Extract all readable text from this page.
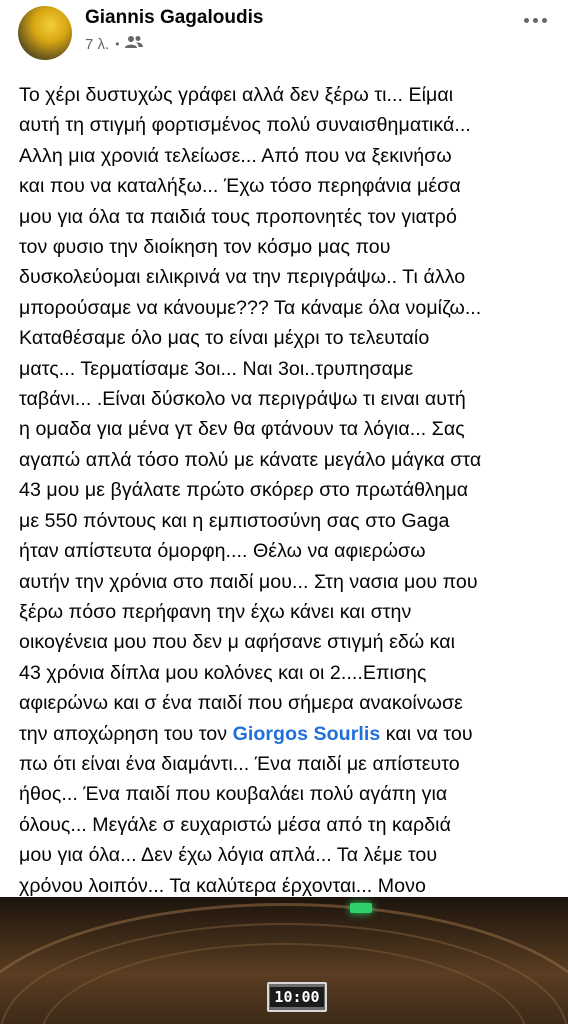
Giannis Gagaloudis
7 λ. •
Το χέρι δυστυχώς γράφει αλλά δεν ξέρω τι... Είμαι
αυτή τη στιγμή φορτισμένος πολύ συναισθηματικά...
Αλλη μια χρονιά τελείωσε... Από που να ξεκινήσω
και που να καταλήξω... Έχω τόσο περηφάνια μέσα
μου για όλα τα παιδιά τους προπονητές τον γιατρό
τον φυσιο την διοίκηση τον κόσμο μας που
δυσκολεύομαι ειλικρινά να την περιγράψω.. Τι άλλο
μπορούσαμε να κάνουμε??? Τα κάναμε όλα νομίζω...
Καταθέσαμε όλο μας το είναι μέχρι το τελευταίο
ματς... Τερματίσαμε 3οι... Ναι 3οι..τρυπησαμε
ταβάνι... .Είναι δύσκολο να περιγράψω τι ειναι αυτή
η ομαδα για μένα γτ δεν θα φτάνουν τα λόγια... Σας
αγαπώ απλά τόσο πολύ με κάνατε μεγάλο μάγκα στα
43 μου με βγάλατε πρώτο σκόρερ στο πρωτάθλημα
με 550 πόντους και η εμπιστοσύνη σας στο Gaga
ήταν απίστευτα όμορφη.... Θέλω να αφιερώσω
αυτήν την χρόνια στο παιδί μου... Στη νασια μου που
ξέρω πόσο περήφανη την έχω κάνει και στην
οικογένεια μου που δεν μ αφήσανε στιγμή εδώ και
43 χρόνια δίπλα μου κολόνες και οι 2....Επισης
αφιερώνω και σ ένα παιδί που σήμερα ανακοίνωσε
την αποχώρηση του τον Giorgos Sourlis και να του
πω ότι είναι ένα διαμάντι... Ένα παιδί με απίστευτο
ήθος... Ένα παιδί που κουβαλάει πολύ αγάπη για
όλους... Μεγάλε σ ευχαριστώ μέσα από τη καρδιά
μου για όλα... Δεν έχω λόγια απλά... Τα λέμε του
χρόνου λοιπόν... Τα καλύτερα έρχονται... Μονο
10:00
